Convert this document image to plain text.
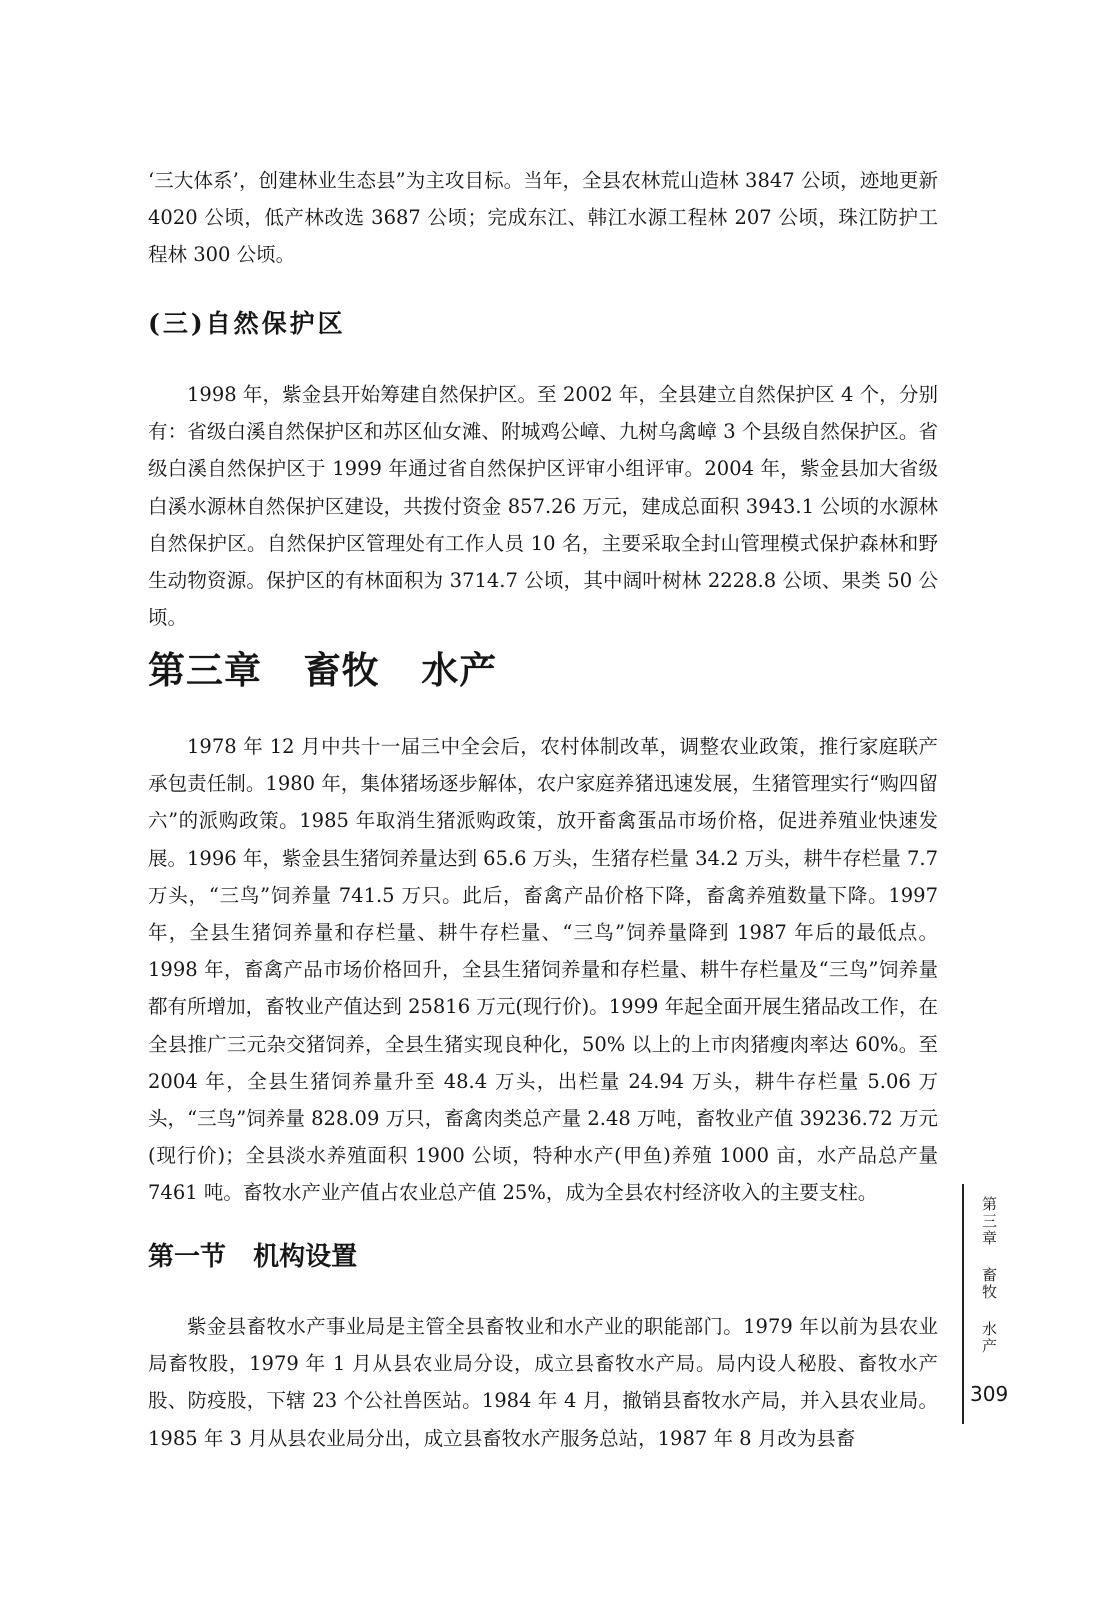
‘三大体系’，创建林业生态县”为主攻目标。当年，全县农林荒山造林 3847 公顷，迹地更新 4020 公顷，低产林改选 3687 公顷；完成东江、韩江水源工程林 207 公顷，珠江防护工程林 300 公顷。

(三)自然保护区

1998 年，紫金县开始筹建自然保护区。至 2002 年，全县建立自然保护区 4 个，分别有：省级白溪自然保护区和苏区仙女滩、附城鸡公嶂、九树乌禽嶂 3 个县级自然保护区。省级白溪自然保护区于 1999 年通过省自然保护区评审小组评审。2004 年，紫金县加大省级白溪水源林自然保护区建设，共拨付资金 857.26 万元，建成总面积 3943.1 公顷的水源林自然保护区。自然保护区管理处有工作人员 10 名，主要采取全封山管理模式保护森林和野生动物资源。保护区的有林面积为 3714.7 公顷，其中阔叶树林 2228.8 公顷、果类 50 公顷。

第三章   畜牧   水产

1978 年 12 月中共十一届三中全会后，农村体制改革，调整农业政策，推行家庭联产承包责任制。1980 年，集体猪场逐步解体，农户家庭养猪迅速发展，生猪管理实行“购四留六”的派购政策。1985 年取消生猪派购政策，放开畜禽蛋品市场价格，促进养殖业快速发展。1996 年，紫金县生猪饲养量达到 65.6 万头，生猪存栏量 34.2 万头，耕牛存栏量 7.7 万头，“三鸟”饲养量 741.5 万只。此后，畜禽产品价格下降，畜禽养殖数量下降。1997 年，全县生猪饲养量和存栏量、耕牛存栏量、“三鸟”饲养量降到 1987 年后的最低点。1998 年，畜禽产品市场价格回升，全县生猪饲养量和存栏量、耕牛存栏量及“三鸟”饲养量都有所增加，畜牧业产值达到 25816 万元(现行价)。1999 年起全面开展生猪品改工作，在全县推广三元杂交猪饲养，全县生猪实现良种化，50% 以上的上市肉猪瘦肉率达 60%。至 2004 年，全县生猪饲养量升至 48.4 万头，出栏量 24.94 万头，耕牛存栏量 5.06 万头，“三鸟”饲养量 828.09 万只，畜禽肉类总产量 2.48 万吨，畜牧业产值 39236.72 万元(现行价)；全县淡水养殖面积 1900 公顷，特种水产(甲鱼)养殖 1000 亩，水产品总产量 7461 吨。畜牧水产业产值占农业总产值 25%，成为全县农村经济收入的主要支柱。

第一节   机构设置

紫金县畜牧水产事业局是主管全县畜牧业和水产业的职能部门。1979 年以前为县农业局畜牧股，1979 年 1 月从县农业局分设，成立县畜牧水产局。局内设人秘股、畜牧水产股、防疫股，下辖 23 个公社兽医站。1984 年 4 月，撤销县畜牧水产局，并入县农业局。1985 年 3 月从县农业局分出，成立县畜牧水产服务总站，1987 年 8 月改为县畜

第三章 畜牧 水产
309
